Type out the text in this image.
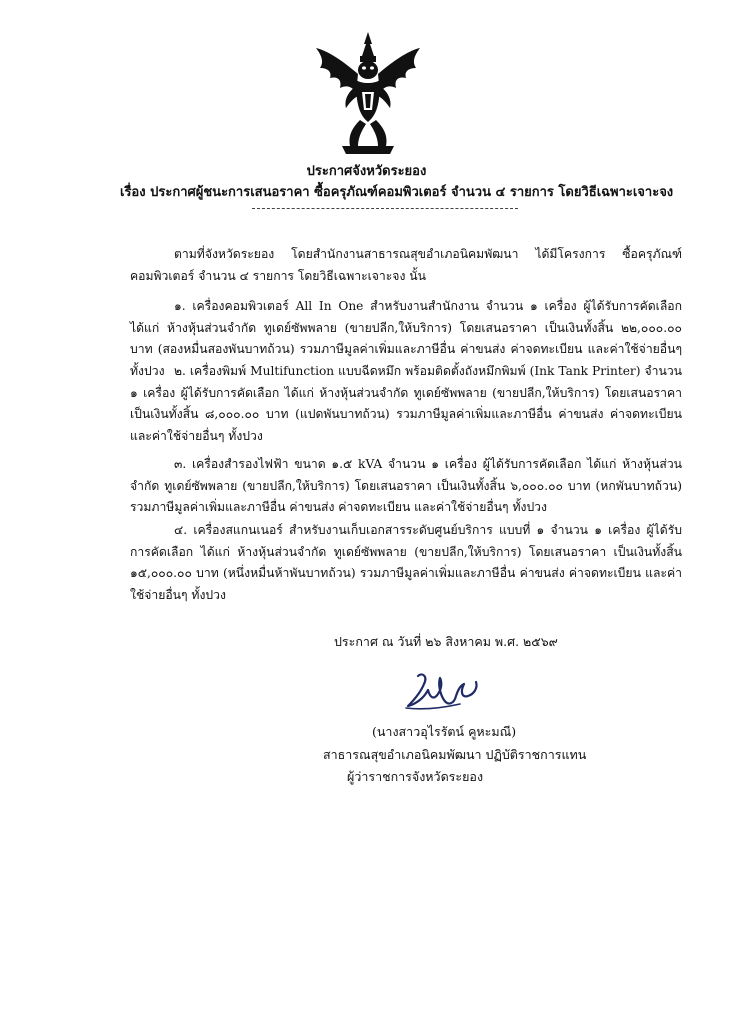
ประกาศจังหวัดระยอง
เรื่อง ประกาศผู้ชนะการเสนอราคา ซื้อครุภัณฑ์คอมพิวเตอร์ จำนวน ๔ รายการ โดยวิธีเฉพาะเจาะจง

ตามที่จังหวัดระยอง โดยสำนักงานสาธารณสุขอำเภอนิคมพัฒนา ได้มีโครงการ ซื้อครุภัณฑ์คอมพิวเตอร์ จำนวน ๔ รายการ โดยวิธีเฉพาะเจาะจง นั้น

๑. เครื่องคอมพิวเตอร์ All In One สำหรับงานสำนักงาน จำนวน ๑ เครื่อง ผู้ได้รับการคัดเลือก ได้แก่ ห้างหุ้นส่วนจำกัด ทูเดย์ซัพพลาย (ขายปลีก,ให้บริการ) โดยเสนอราคา เป็นเงินทั้งสิ้น ๒๒,๐๐๐.๐๐ บาท (สองหมื่นสองพันบาทถ้วน) รวมภาษีมูลค่าเพิ่มและภาษีอื่น ค่าขนส่ง ค่าจดทะเบียน และค่าใช้จ่ายอื่นๆ ทั้งปวง ๒. เครื่องพิมพ์ Multifunction แบบฉีดหมึก พร้อมติดตั้งถังหมึกพิมพ์ (Ink Tank Printer) จำนวน ๑ เครื่อง ผู้ได้รับการคัดเลือก ได้แก่ ห้างหุ้นส่วนจำกัด ทูเดย์ซัพพลาย (ขายปลีก,ให้บริการ) โดยเสนอราคา เป็นเงินทั้งสิ้น ๘,๐๐๐.๐๐ บาท (แปดพันบาทถ้วน) รวมภาษีมูลค่าเพิ่มและภาษีอื่น ค่าขนส่ง ค่าจดทะเบียน และค่าใช้จ่ายอื่นๆ ทั้งปวง

๓. เครื่องสำรองไฟฟ้า ขนาด ๑.๕ kVA จำนวน ๑ เครื่อง ผู้ได้รับการคัดเลือก ได้แก่ ห้างหุ้นส่วนจำกัด ทูเดย์ซัพพลาย (ขายปลีก,ให้บริการ) โดยเสนอราคา เป็นเงินทั้งสิ้น ๖,๐๐๐.๐๐ บาท (หกพันบาทถ้วน) รวมภาษีมูลค่าเพิ่มและภาษีอื่น ค่าขนส่ง ค่าจดทะเบียน และค่าใช้จ่ายอื่นๆ ทั้งปวง

๔. เครื่องสแกนเนอร์ สำหรับงานเก็บเอกสารระดับศูนย์บริการ แบบที่ ๑ จำนวน ๑ เครื่อง ผู้ได้รับการคัดเลือก ได้แก่ ห้างหุ้นส่วนจำกัด ทูเดย์ซัพพลาย (ขายปลีก,ให้บริการ) โดยเสนอราคา เป็นเงินทั้งสิ้น ๑๕,๐๐๐.๐๐ บาท (หนึ่งหมื่นห้าพันบาทถ้วน) รวมภาษีมูลค่าเพิ่มและภาษีอื่น ค่าขนส่ง ค่าจดทะเบียน และค่าใช้จ่ายอื่นๆ ทั้งปวง

ประกาศ ณ วันที่ ๒๖ สิงหาคม พ.ศ. ๒๕๖๙
(นางสาวอุไรรัตน์ คูหะมณี)
สาธารณสุขอำเภอนิคมพัฒนา ปฏิบัติราชการแทน
ผู้ว่าราชการจังหวัดระยอง
